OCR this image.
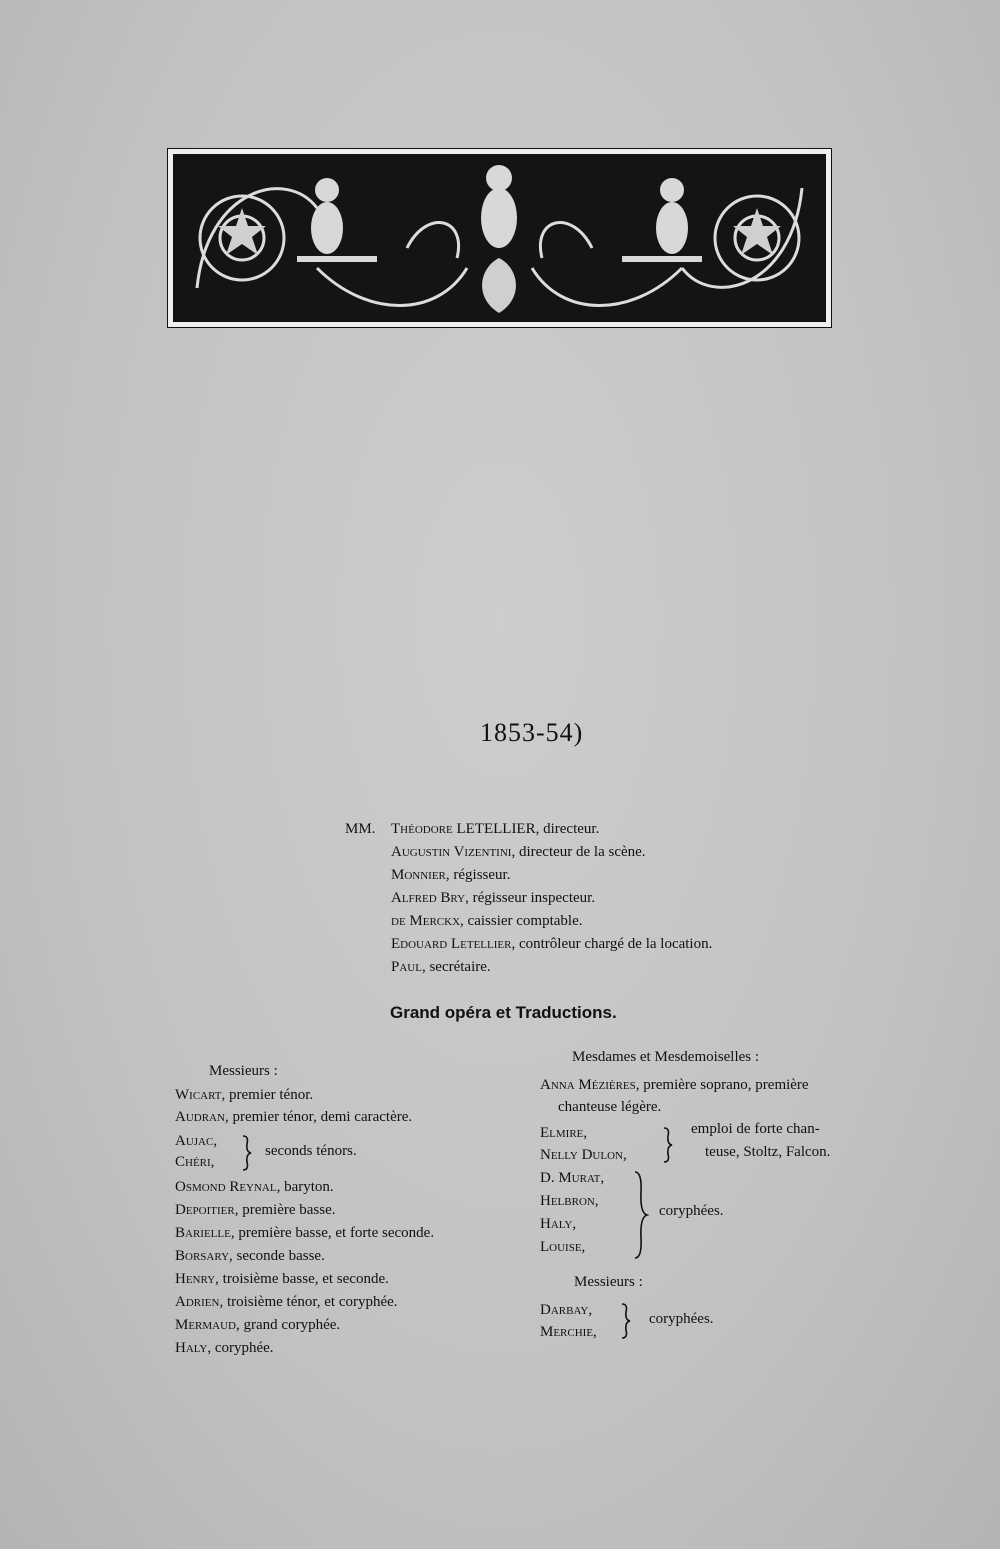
1853-54)
MM. Théodore LETELLIER, directeur.
Augustin Vizentini, directeur de la scène.
Monnier, régisseur.
Alfred Bry, régisseur inspecteur.
de Merckx, caissier comptable.
Edouard Letellier, contrôleur chargé de la location.
Paul, secrétaire.
Grand opéra et Traductions.
Messieurs :
Wicart, premier ténor.
Audran, premier ténor, demi caractère.
Aujac,
Chéri,
seconds ténors.
Osmond Reynal, baryton.
Depoitier, première basse.
Barielle, première basse, et forte seconde.
Borsary, seconde basse.
Henry, troisième basse, et seconde.
Adrien, troisième ténor, et coryphée.
Mermaud, grand coryphée.
Haly, coryphée.
Mesdames et Mesdemoiselles :
Anna Mézières, première soprano, première
chanteuse légère.
Elmire,
Nelly Dulon,
emploi de forte chan-
teuse, Stoltz, Falcon.
D. Murat,
Helbron,
Haly,
Louise,
coryphées.
Messieurs :
Darbay,
Merchie,
coryphées.
